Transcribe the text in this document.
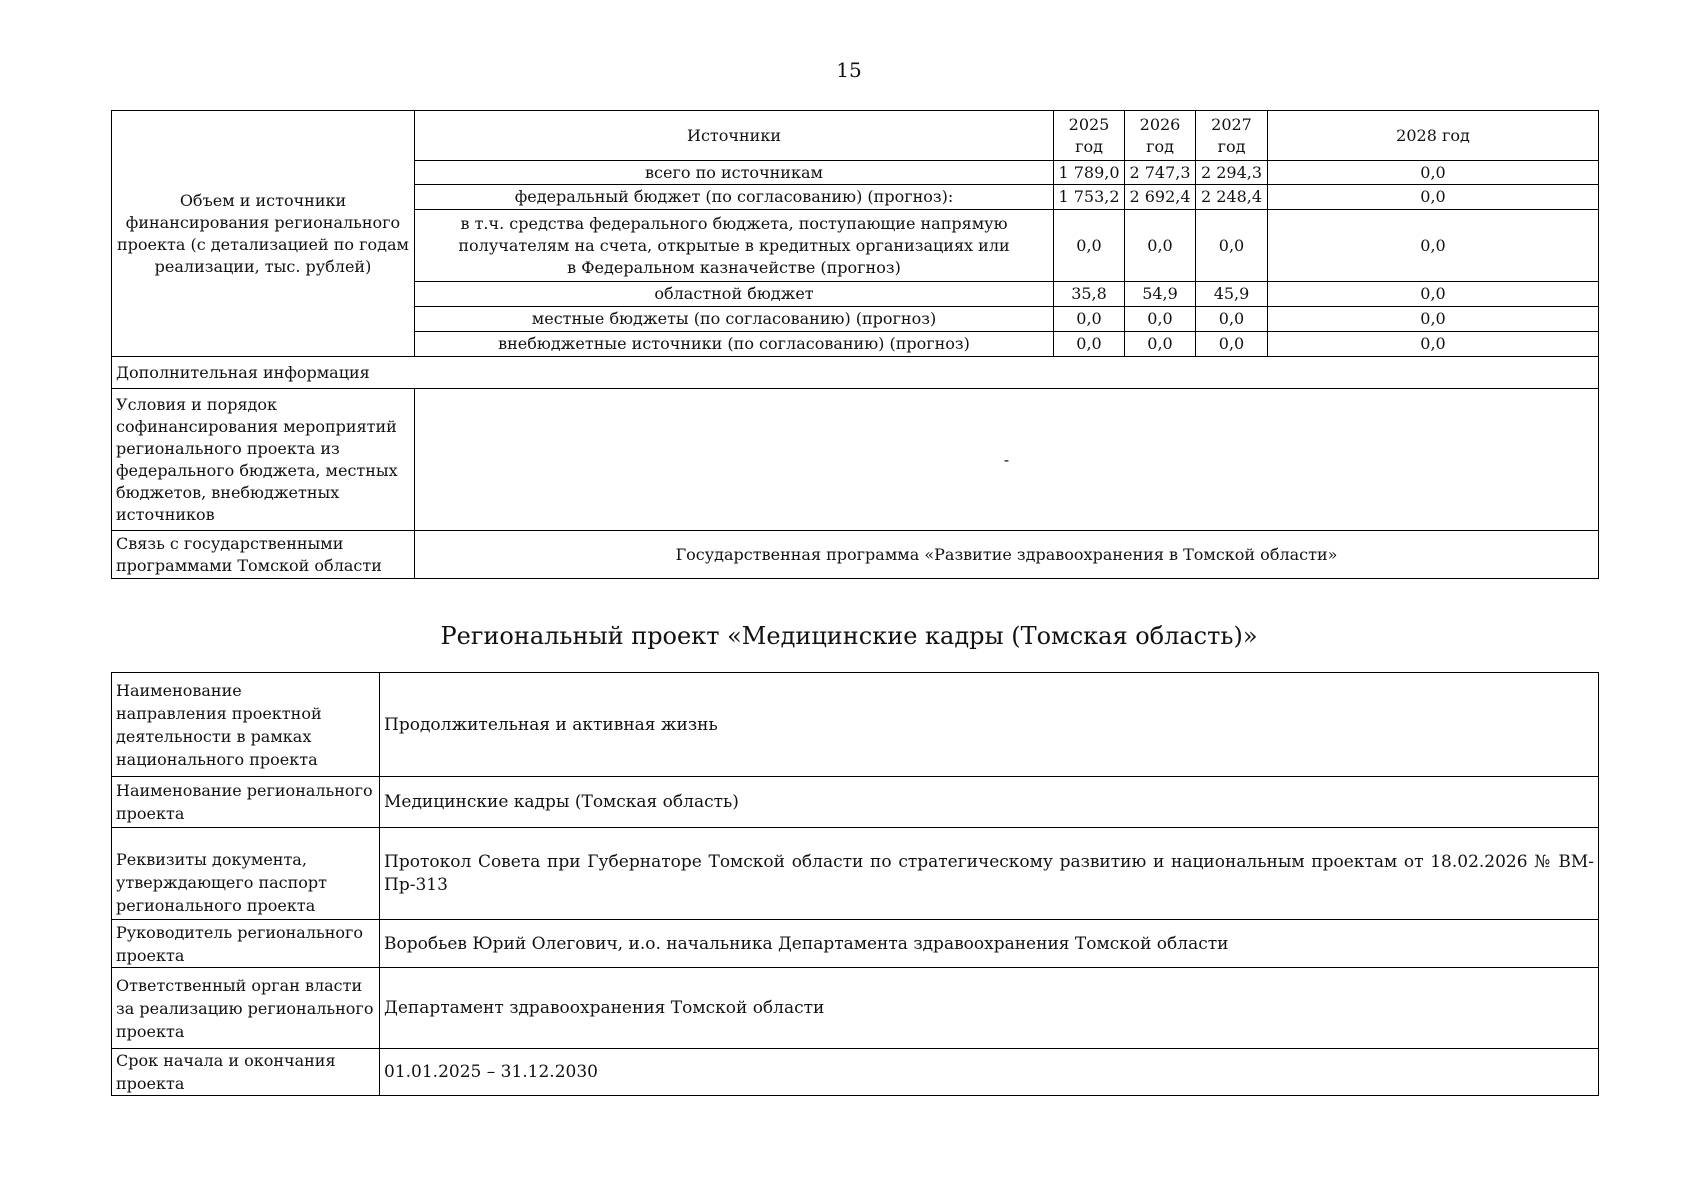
15
Объем и источники финансирования регионального проекта (с детализацией по годам реализации, тыс. рублей)	Источники	2025 год	2026 год	2027 год	2028 год
	всего по источникам	1 789,0	2 747,3	2 294,3	0,0
	федеральный бюджет (по согласованию) (прогноз):	1 753,2	2 692,4	2 248,4	0,0
	в т.ч. средства федерального бюджета, поступающие напрямую получателям на счета, открытые в кредитных организациях или в Федеральном казначействе (прогноз)	0,0	0,0	0,0	0,0
	областной бюджет	35,8	54,9	45,9	0,0
	местные бюджеты (по согласованию) (прогноз)	0,0	0,0	0,0	0,0
	внебюджетные источники (по согласованию) (прогноз)	0,0	0,0	0,0	0,0
Дополнительная информация					
Условия и порядок софинансирования мероприятий регионального проекта из федерального бюджета, местных бюджетов, внебюджетных источников	-				
Связь с государственными программами Томской области	Государственная программа «Развитие здравоохранения в Томской области»				
Региональный проект «Медицинские кадры (Томская область)»
Наименование направления проектной деятельности в рамках национального проекта	Продолжительная и активная жизнь
Наименование регионального проекта	Медицинские кадры (Томская область)
Реквизиты документа, утверждающего паспорт регионального проекта	Протокол Совета при Губернаторе Томской области по стратегическому развитию и национальным проектам от 18.02.2026 № ВМ-Пр-313
Руководитель регионального проекта	Воробьев Юрий Олегович, и.о. начальника Департамента здравоохранения Томской области
Ответственный орган власти за реализацию регионального проекта	Департамент здравоохранения Томской области
Срок начала и окончания проекта	01.01.2025 – 31.12.2030
